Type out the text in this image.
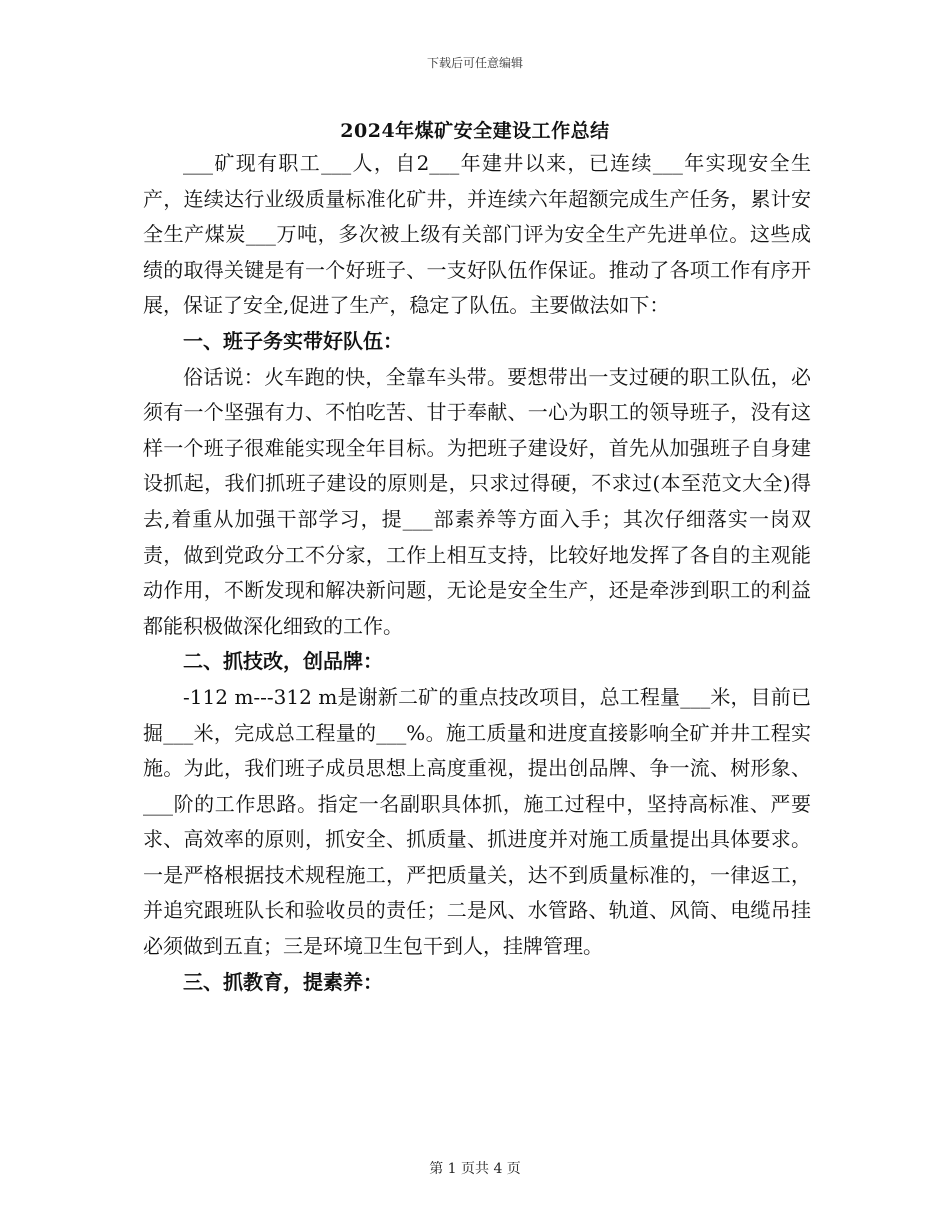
下载后可任意编辑
2024年煤矿安全建设工作总结

___矿现有职工___人，自2___年建井以来，已连续___年实现安全生产，连续达行业级质量标准化矿井，并连续六年超额完成生产任务，累计安全生产煤炭___万吨，多次被上级有关部门评为安全生产先进单位。这些成绩的取得关键是有一个好班子、一支好队伍作保证。推动了各项工作有序开展，保证了安全,促进了生产，稳定了队伍。主要做法如下：

一、班子务实带好队伍：

俗话说：火车跑的快，全靠车头带。要想带出一支过硬的职工队伍，必须有一个坚强有力、不怕吃苦、甘于奉献、一心为职工的领导班子，没有这样一个班子很难能实现全年目标。为把班子建设好，首先从加强班子自身建设抓起，我们抓班子建设的原则是，只求过得硬，不求过(本至范文大全)得去,着重从加强干部学习，提___部素养等方面入手；其次仔细落实一岗双责，做到党政分工不分家，工作上相互支持，比较好地发挥了各自的主观能动作用，不断发现和解决新问题，无论是安全生产，还是牵涉到职工的利益都能积极做深化细致的工作。

二、抓技改，创品牌：

-112 m---312 m是谢新二矿的重点技改项目，总工程量___米，目前已掘___米，完成总工程量的___%。施工质量和进度直接影响全矿并井工程实施。为此，我们班子成员思想上高度重视，提出创品牌、争一流、树形象、___阶的工作思路。指定一名副职具体抓，施工过程中，坚持高标准、严要求、高效率的原则，抓安全、抓质量、抓进度并对施工质量提出具体要求。一是严格根据技术规程施工，严把质量关，达不到质量标准的，一律返工，并追究跟班队长和验收员的责任；二是风、水管路、轨道、风筒、电缆吊挂必须做到五直；三是环境卫生包干到人，挂牌管理。

三、抓教育，提素养：
第 1 页共 4 页
